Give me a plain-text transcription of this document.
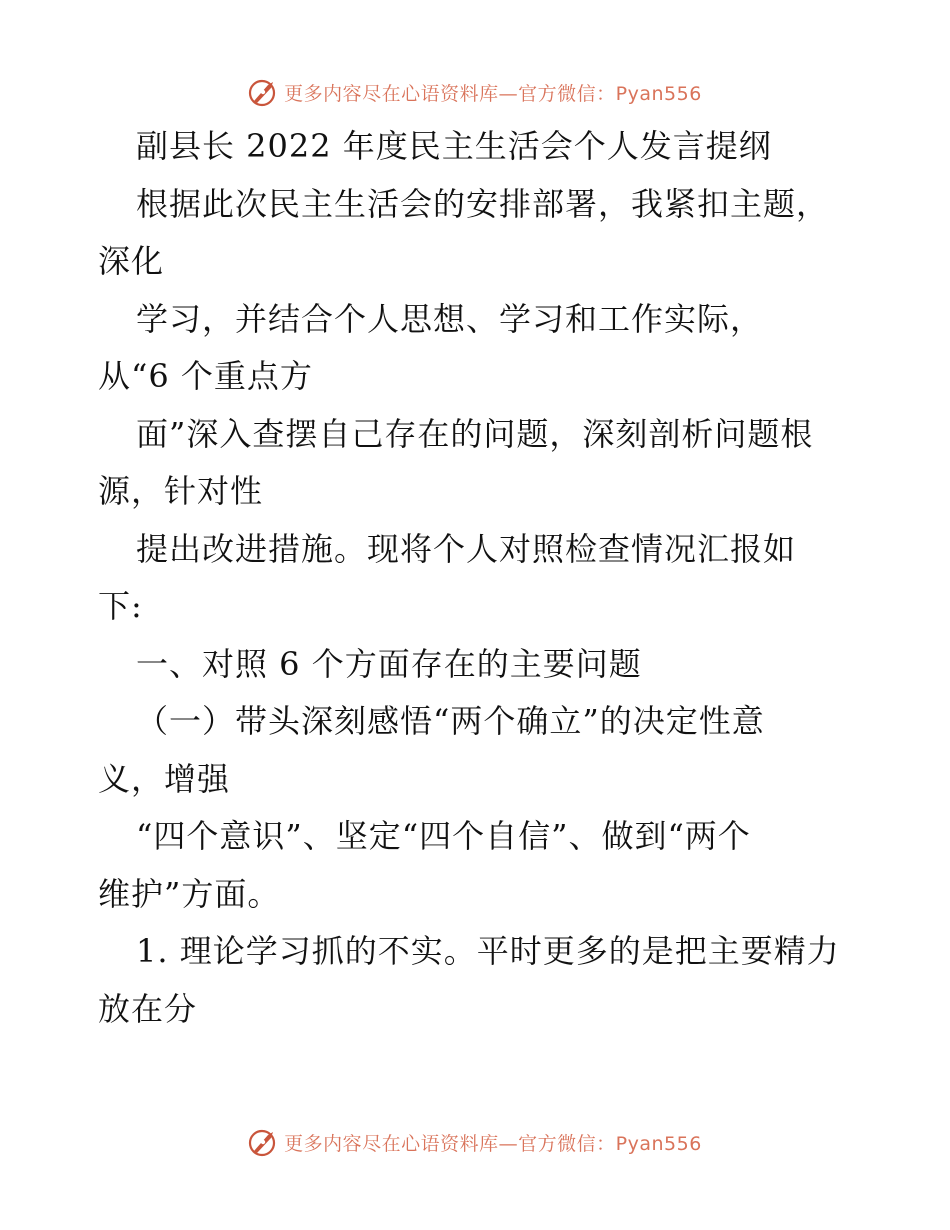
更多内容尽在心语资料库—官方微信：Pyan556
副县长 2022 年度民主生活会个人发言提纲
根据此次民主生活会的安排部署，我紧扣主题，
深化
学习，并结合个人思想、学习和工作实际，
从“6 个重点方
面”深入查摆自己存在的问题，深刻剖析问题根
源，针对性
提出改进措施。现将个人对照检查情况汇报如
下:
一、对照 6 个方面存在的主要问题
（一）带头深刻感悟“两个确立”的决定性意
义，增强
“四个意识”、坚定“四个自信”、做到“两个
维护”方面。
1. 理论学习抓的不实。平时更多的是把主要精力
放在分
更多内容尽在心语资料库—官方微信：Pyan556
